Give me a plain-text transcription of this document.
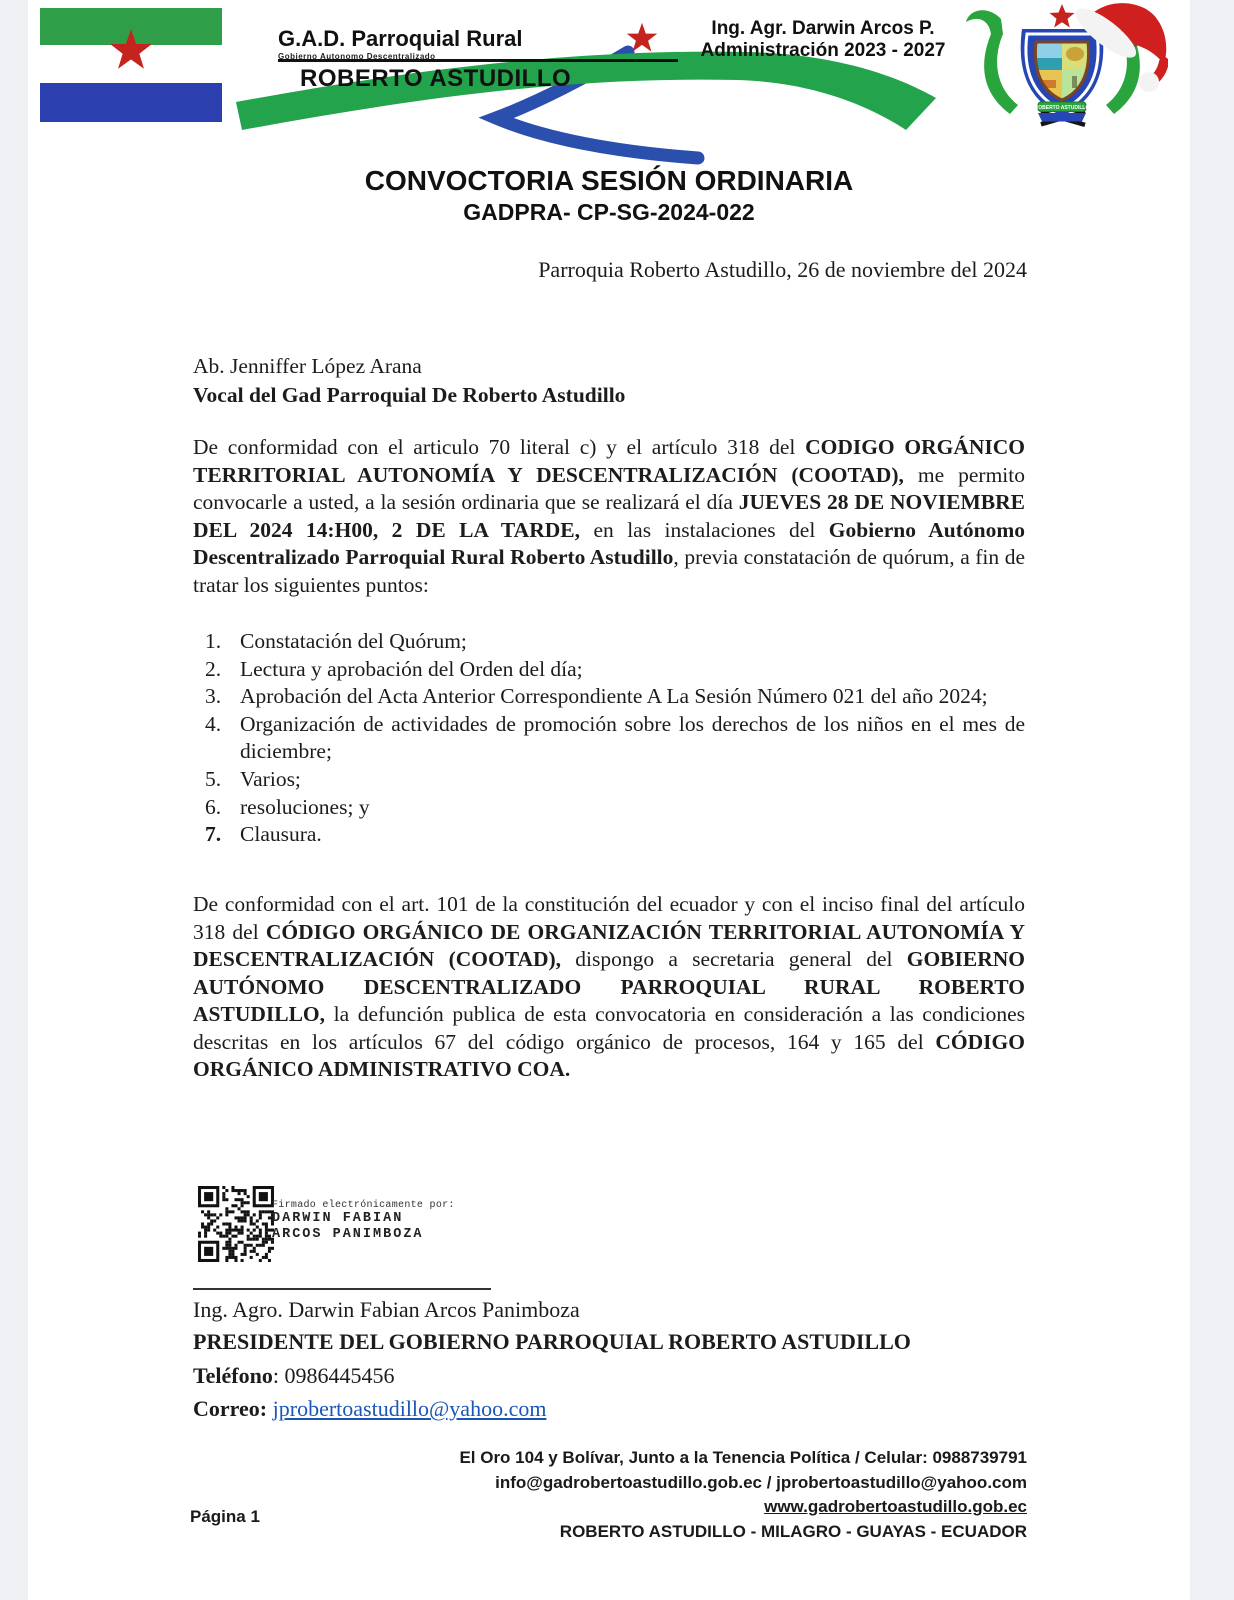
G.A.D. Parroquial Rural
Gobierno Autonomo Descentralizado
ROBERTO ASTUDILLO
Ing. Agr. Darwin Arcos P.
Administración 2023 - 2027
ROBERTO ASTUDILLO
CONVOCTORIA SESIÓN ORDINARIA
GADPRA- CP-SG-2024-022
Parroquia Roberto Astudillo, 26 de noviembre del 2024
Ab. Jenniffer López Arana
Vocal del Gad Parroquial De Roberto Astudillo
De conformidad con el articulo 70 literal c) y el artículo 318 del CODIGO ORGÁNICO TERRITORIAL AUTONOMÍA Y DESCENTRALIZACIÓN (COOTAD), me permito convocarle a usted, a la sesión ordinaria que se realizará el día JUEVES 28 DE NOVIEMBRE DEL 2024 14:H00, 2 DE LA TARDE, en las instalaciones del Gobierno Autónomo Descentralizado Parroquial Rural Roberto Astudillo, previa constatación de quórum, a fin de tratar los siguientes puntos:
1. Constatación del Quórum;
2. Lectura y aprobación del Orden del día;
3. Aprobación del Acta Anterior Correspondiente A La Sesión Número 021 del año 2024;
4. Organización de actividades de promoción sobre los derechos de los niños en el mes de diciembre;
5. Varios;
6. resoluciones; y
7. Clausura.
De conformidad con el art. 101 de la constitución del ecuador y con el inciso final del artículo 318 del CÓDIGO ORGÁNICO DE ORGANIZACIÓN TERRITORIAL AUTONOMÍA Y DESCENTRALIZACIÓN (COOTAD), dispongo a secretaria general del GOBIERNO AUTÓNOMO DESCENTRALIZADO PARROQUIAL RURAL ROBERTO ASTUDILLO, la defunción publica de esta convocatoria en consideración a las condiciones descritas en los artículos 67 del código orgánico de procesos, 164 y 165 del CÓDIGO ORGÁNICO ADMINISTRATIVO COA.
Firmado electrónicamente por:
DARWIN FABIAN
ARCOS PANIMBOZA
Ing. Agro. Darwin Fabian Arcos Panimboza
PRESIDENTE DEL GOBIERNO PARROQUIAL ROBERTO ASTUDILLO
Teléfono: 0986445456
Correo: jprobertoastudillo@yahoo.com
El Oro 104 y Bolívar, Junto a la Tenencia Política / Celular: 0988739791
info@gadrobertoastudillo.gob.ec / jprobertoastudillo@yahoo.com
www.gadrobertoastudillo.gob.ec
ROBERTO ASTUDILLO - MILAGRO - GUAYAS - ECUADOR
Página 1
